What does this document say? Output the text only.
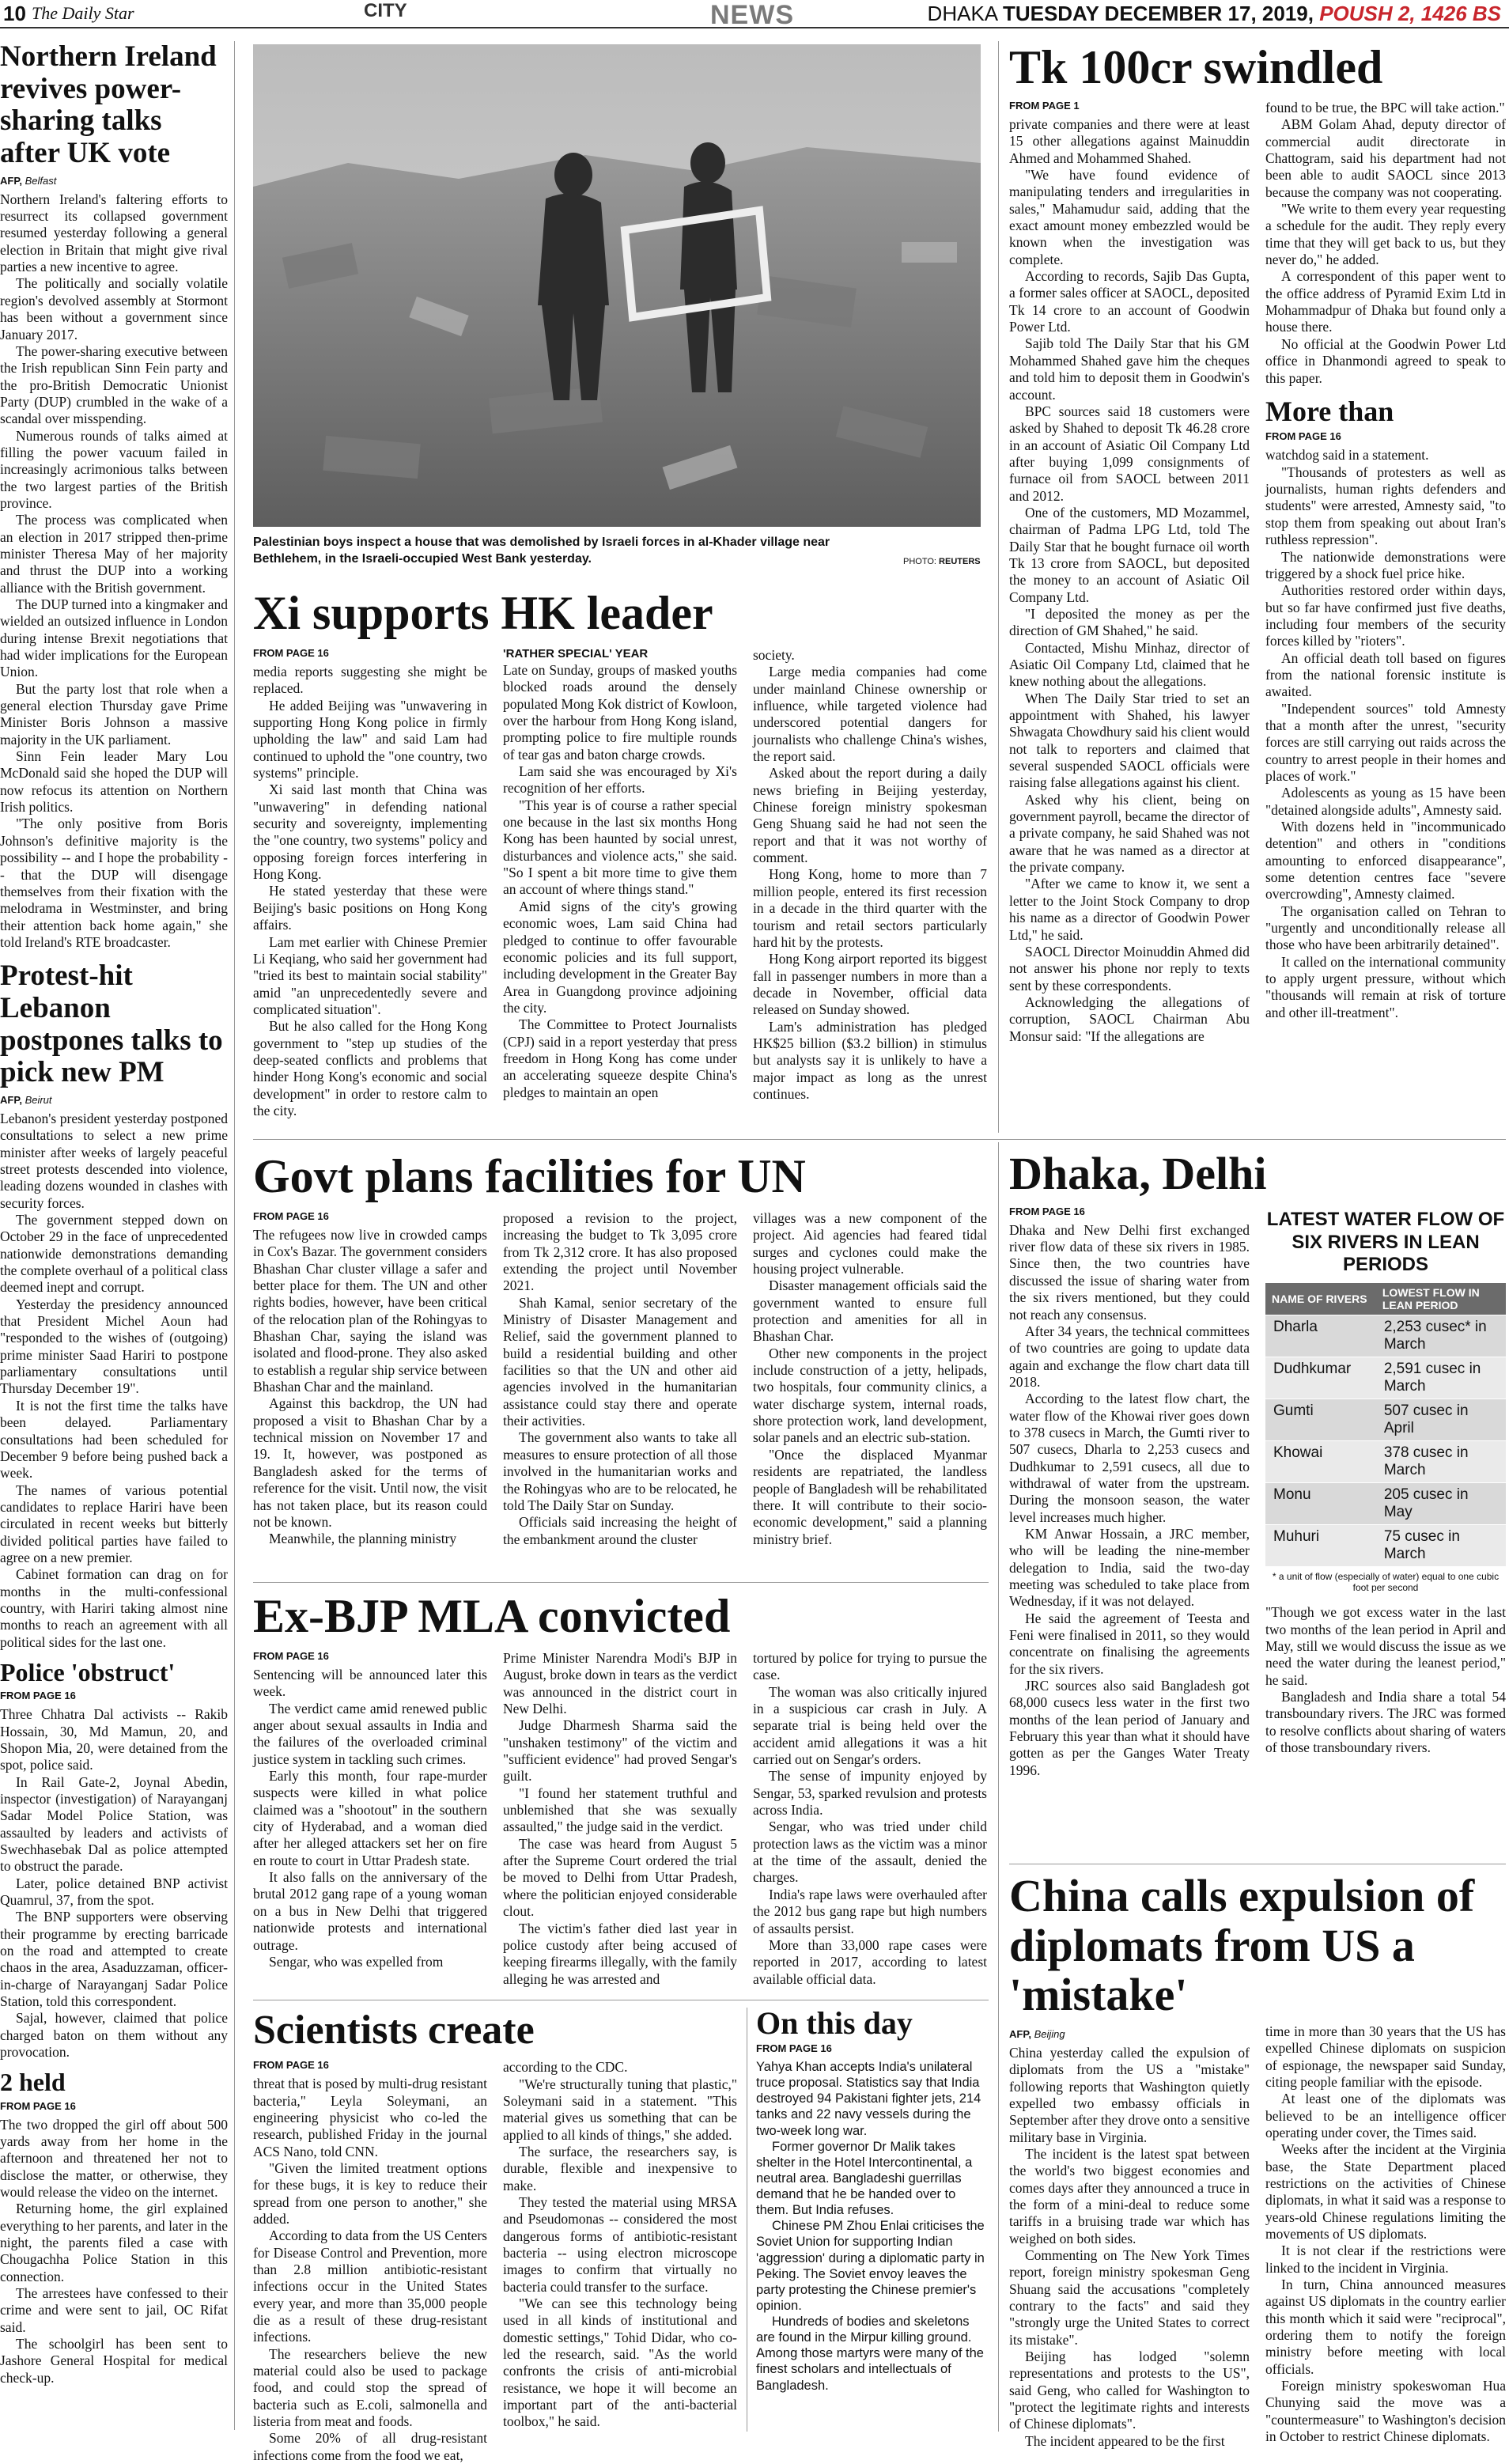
10 The Daily Star	CITY	NEWS	DHAKA TUESDAY DECEMBER 17, 2019, POUSH 2, 1426 BS
Northern Ireland revives power-sharing talks after UK vote
AFP, Belfast

Northern Ireland's faltering efforts to resurrect its collapsed government resumed yesterday following a general election in Britain that might give rival parties a new incentive to agree.

The politically and socially volatile region's devolved assembly at Stormont has been without a government since January 2017.

The power-sharing executive between the Irish republican Sinn Fein party and the pro-British Democratic Unionist Party (DUP) crumbled in the wake of a scandal over misspending.

Numerous rounds of talks aimed at filling the power vacuum failed in increasingly acrimonious talks between the two largest parties of the British province.

The process was complicated when an election in 2017 stripped then-prime minister Theresa May of her majority and thrust the DUP into a working alliance with the British government.

The DUP turned into a kingmaker and wielded an outsized influence in London during intense Brexit negotiations that had wider implications for the European Union.

But the party lost that role when a general election Thursday gave Prime Minister Boris Johnson a massive majority in the UK parliament.

Sinn Fein leader Mary Lou McDonald said she hoped the DUP will now refocus its attention on Northern Irish politics.

"The only positive from Boris Johnson's definitive majority is the possibility -- and I hope the probability -- that the DUP will disengage themselves from their fixation with the melodrama in Westminster, and bring their attention back home again," she told Ireland's RTE broadcaster.

Protest-hit Lebanon postpones talks to pick new PM
AFP, Beirut

Lebanon's president yesterday postponed consultations to select a new prime minister after weeks of largely peaceful street protests descended into violence, leading dozens wounded in clashes with security forces.

The government stepped down on October 29 in the face of unprecedented nationwide demonstrations demanding the complete overhaul of a political class deemed inept and corrupt.

Yesterday the presidency announced that President Michel Aoun had "responded to the wishes of (outgoing) prime minister Saad Hariri to postpone parliamentary consultations until Thursday December 19".

It is not the first time the talks have been delayed. Parliamentary consultations had been scheduled for December 9 before being pushed back a week.

The names of various potential candidates to replace Hariri have been circulated in recent weeks but bitterly divided political parties have failed to agree on a new premier.

Cabinet formation can drag on for months in the multi-confessional country, with Hariri taking almost nine months to reach an agreement with all political sides for the last one.

Police 'obstruct'
FROM PAGE 16

Three Chhatra Dal activists -- Rakib Hossain, 30, Md Mamun, 20, and Shopon Mia, 20, were detained from the spot, police said.

In Rail Gate-2, Joynal Abedin, inspector (investigation) of Narayanganj Sadar Model Police Station, was assaulted by leaders and activists of Swechhasebak Dal as police attempted to obstruct the parade.

Later, police detained BNP activist Quamrul, 37, from the spot.

The BNP supporters were observing their programme by erecting barricade on the road and attempted to create chaos in the area, Asaduzzaman, officer-in-charge of Narayanganj Sadar Police Station, told this correspondent.

Sajal, however, claimed that police charged baton on them without any provocation.

2 held
FROM PAGE 16

The two dropped the girl off about 500 yards away from her home in the afternoon and threatened her not to disclose the matter, or otherwise, they would release the video on the internet.

Returning home, the girl explained everything to her parents, and later in the night, the parents filed a case with Chougachha Police Station in this connection.

The arrestees have confessed to their crime and were sent to jail, OC Rifat said.

The schoolgirl has been sent to Jashore General Hospital for medical check-up.

Palestinian boys inspect a house that was demolished by Israeli forces in al-Khader village near Bethlehem, in the Israeli-occupied West Bank yesterday.	PHOTO: REUTERS
Xi supports HK leader
FROM PAGE 16

media reports suggesting she might be replaced.

He added Beijing was "unwavering in supporting Hong Kong police in firmly upholding the law" and said Lam had continued to uphold the "one country, two systems" principle.

Xi said last month that China was "unwavering" in defending national security and sovereignty, implementing the "one country, two systems" policy and opposing foreign forces interfering in Hong Kong.

He stated yesterday that these were Beijing's basic positions on Hong Kong affairs.

Lam met earlier with Chinese Premier Li Keqiang, who said her government had "tried its best to maintain social stability" amid "an unprecedentedly severe and complicated situation".

But he also called for the Hong Kong government to "step up studies of the deep-seated conflicts and problems that hinder Hong Kong's economic and social development" in order to restore calm to the city.

'RATHER SPECIAL' YEAR

Late on Sunday, groups of masked youths blocked roads around the densely populated Mong Kok district of Kowloon, over the harbour from Hong Kong island, prompting police to fire multiple rounds of tear gas and baton charge crowds.

Lam said she was encouraged by Xi's recognition of her efforts.

"This year is of course a rather special one because in the last six months Hong Kong has been haunted by social unrest, disturbances and violence acts," she said. "So I spent a bit more time to give them an account of where things stand."

Amid signs of the city's growing economic woes, Lam said China had pledged to continue to offer favourable economic policies and its full support, including development in the Greater Bay Area in Guangdong province adjoining the city.

The Committee to Protect Journalists (CPJ) said in a report yesterday that press freedom in Hong Kong has come under an accelerating squeeze despite China's pledges to maintain an open

society.

Large media companies had come under mainland Chinese ownership or influence, while targeted violence had underscored potential dangers for journalists who challenge China's wishes, the report said.

Asked about the report during a daily news briefing in Beijing yesterday, Chinese foreign ministry spokesman Geng Shuang said he had not seen the report and that it was not worthy of comment.

Hong Kong, home to more than 7 million people, entered its first recession in a decade in the third quarter with the tourism and retail sectors particularly hard hit by the protests.

Hong Kong airport reported its biggest fall in passenger numbers in more than a decade in November, official data released on Sunday showed.

Lam's administration has pledged HK$25 billion ($3.2 billion) in stimulus but analysts say it is unlikely to have a major impact as long as the unrest continues.

Tk 100cr swindled
FROM PAGE 1

private companies and there were at least 15 other allegations against Mainuddin Ahmed and Mohammed Shahed.

"We have found evidence of manipulating tenders and irregularities in sales," Mahamudur said, adding that the exact amount money embezzled would be known when the investigation was complete.

According to records, Sajib Das Gupta, a former sales officer at SAOCL, deposited Tk 14 crore to an account of Goodwin Power Ltd.

Sajib told The Daily Star that his GM Mohammed Shahed gave him the cheques and told him to deposit them in Goodwin's account.

BPC sources said 18 customers were asked by Shahed to deposit Tk 46.28 crore in an account of Asiatic Oil Company Ltd after buying 1,099 consignments of furnace oil from SAOCL between 2011 and 2012.

One of the customers, MD Mozammel, chairman of Padma LPG Ltd, told The Daily Star that he bought furnace oil worth Tk 13 crore from SAOCL, but deposited the money to an account of Asiatic Oil Company Ltd.

"I deposited the money as per the direction of GM Shahed," he said.

Contacted, Mishu Minhaz, director of Asiatic Oil Company Ltd, claimed that he knew nothing about the allegations.

When The Daily Star tried to set an appointment with Shahed, his lawyer Shwagata Chowdhury said his client would not talk to reporters and claimed that several suspended SAOCL officials were raising false allegations against his client.

Asked why his client, being on government payroll, became the director of a private company, he said Shahed was not aware that he was named as a director at the private company.

"After we came to know it, we sent a letter to the Joint Stock Company to drop his name as a director of Goodwin Power Ltd," he said.

SAOCL Director Moinuddin Ahmed did not answer his phone nor reply to texts sent by these correspondents.

Acknowledging the allegations of corruption, SAOCL Chairman Abu Monsur said: "If the allegations are

found to be true, the BPC will take action."

ABM Golam Ahad, deputy director of commercial audit directorate in Chattogram, said his department had not been able to audit SAOCL since 2013 because the company was not cooperating.

"We write to them every year requesting a schedule for the audit. They reply every time that they will get back to us, but they never do," he added.

A correspondent of this paper went to the office address of Pyramid Exim Ltd in Mohammadpur of Dhaka but found only a house there.

No official at the Goodwin Power Ltd office in Dhanmondi agreed to speak to this paper.

More than
FROM PAGE 16

watchdog said in a statement.

"Thousands of protesters as well as journalists, human rights defenders and students" were arrested, Amnesty said, "to stop them from speaking out about Iran's ruthless repression".

The nationwide demonstrations were triggered by a shock fuel price hike.

Authorities restored order within days, but so far have confirmed just five deaths, including four members of the security forces killed by "rioters".

An official death toll based on figures from the national forensic institute is awaited.

"Independent sources" told Amnesty that a month after the unrest, "security forces are still carrying out raids across the country to arrest people in their homes and places of work."

Adolescents as young as 15 have been "detained alongside adults", Amnesty said.

With dozens held in "incommunicado detention" and others in "conditions amounting to enforced disappearance", some detention centres face "severe overcrowding", Amnesty claimed.

The organisation called on Tehran to "urgently and unconditionally release all those who have been arbitrarily detained".

It called on the international community to apply urgent pressure, without which "thousands will remain at risk of torture and other ill-treatment".

Govt plans facilities for UN
FROM PAGE 16

The refugees now live in crowded camps in Cox's Bazar. The government considers Bhashan Char cluster village a safer and better place for them. The UN and other rights bodies, however, have been critical of the relocation plan of the Rohingyas to Bhashan Char, saying the island was isolated and flood-prone. They also asked to establish a regular ship service between Bhashan Char and the mainland.

Against this backdrop, the UN had proposed a visit to Bhashan Char by a technical mission on November 17 and 19. It, however, was postponed as Bangladesh asked for the terms of reference for the visit. Until now, the visit has not taken place, but its reason could not be known.

Meanwhile, the planning ministry

proposed a revision to the project, increasing the budget to Tk 3,095 crore from Tk 2,312 crore. It has also proposed extending the project until November 2021.

Shah Kamal, senior secretary of the Ministry of Disaster Management and Relief, said the government planned to build a residential building and other facilities so that the UN and other aid agencies involved in the humanitarian assistance could stay there and operate their activities.

The government also wants to take all measures to ensure protection of all those involved in the humanitarian works and the Rohingyas who are to be relocated, he told The Daily Star on Sunday.

Officials said increasing the height of the embankment around the cluster

villages was a new component of the project. Aid agencies had feared tidal surges and cyclones could make the housing project vulnerable.

Disaster management officials said the government wanted to ensure full protection and amenities for all in Bhashan Char.

Other new components in the project include construction of a jetty, helipads, two hospitals, four community clinics, a water discharge system, internal roads, shore protection work, land development, solar panels and an electric sub-station.

"Once the displaced Myanmar residents are repatriated, the landless people of Bangladesh will be rehabilitated there. It will contribute to their socio-economic development," said a planning ministry brief.

Ex-BJP MLA convicted
FROM PAGE 16

Sentencing will be announced later this week.

The verdict came amid renewed public anger about sexual assaults in India and the failures of the overloaded criminal justice system in tackling such crimes.

Early this month, four rape-murder suspects were killed in what police claimed was a "shootout" in the southern city of Hyderabad, and a woman died after her alleged attackers set her on fire en route to court in Uttar Pradesh state.

It also falls on the anniversary of the brutal 2012 gang rape of a young woman on a bus in New Delhi that triggered nationwide protests and international outrage.

Sengar, who was expelled from

Prime Minister Narendra Modi's BJP in August, broke down in tears as the verdict was announced in the district court in New Delhi.

Judge Dharmesh Sharma said the "unshaken testimony" of the victim and "sufficient evidence" had proved Sengar's guilt.

"I found her statement truthful and unblemished that she was sexually assaulted," the judge said in the verdict.

The case was heard from August 5 after the Supreme Court ordered the trial be moved to Delhi from Uttar Pradesh, where the politician enjoyed considerable clout.

The victim's father died last year in police custody after being accused of keeping firearms illegally, with the family alleging he was arrested and

tortured by police for trying to pursue the case.

The woman was also critically injured in a suspicious car crash in July. A separate trial is being held over the accident amid allegations it was a hit carried out on Sengar's orders.

The sense of impunity enjoyed by Sengar, 53, sparked revulsion and protests across India.

Sengar, who was tried under child protection laws as the victim was a minor at the time of the assault, denied the charges.

India's rape laws were overhauled after the 2012 bus gang rape but high numbers of assaults persist.

More than 33,000 rape cases were reported in 2017, according to latest available official data.

Scientists create
FROM PAGE 16

threat that is posed by multi-drug resistant bacteria," Leyla Soleymani, an engineering physicist who co-led the research, published Friday in the journal ACS Nano, told CNN.

"Given the limited treatment options for these bugs, it is key to reduce their spread from one person to another," she added.

According to data from the US Centers for Disease Control and Prevention, more than 2.8 million antibiotic-resistant infections occur in the United States every year, and more than 35,000 people die as a result of these drug-resistant infections.

The researchers believe the new material could also be used to package food, and could stop the spread of bacteria such as E.coli, salmonella and listeria from meat and foods.

Some 20% of all drug-resistant infections come from the food we eat,

according to the CDC.

"We're structurally tuning that plastic," Soleymani said in a statement. "This material gives us something that can be applied to all kinds of things," she added.

The surface, the researchers say, is durable, flexible and inexpensive to make.

They tested the material using MRSA and Pseudomonas -- considered the most dangerous forms of antibiotic-resistant bacteria -- using electron microscope images to confirm that virtually no bacteria could transfer to the surface.

"We can see this technology being used in all kinds of institutional and domestic settings," Tohid Didar, who co-led the research, said. "As the world confronts the crisis of anti-microbial resistance, we hope it will become an important part of the anti-bacterial toolbox," he said.

On this day
FROM PAGE 16

Yahya Khan accepts India's unilateral truce proposal. Statistics say that India destroyed 94 Pakistani fighter jets, 214 tanks and 22 navy vessels during the two-week long war.

Former governor Dr Malik takes shelter in the Hotel Intercontinental, a neutral area. Bangladeshi guerrillas demand that he be handed over to them. But India refuses.

Chinese PM Zhou Enlai criticises the Soviet Union for supporting Indian 'aggression' during a diplomatic party in Peking. The Soviet envoy leaves the party protesting the Chinese premier's opinion.

Hundreds of bodies and skeletons are found in the Mirpur killing ground. Among those martyrs were many of the finest scholars and intellectuals of Bangladesh.

Dhaka, Delhi
FROM PAGE 16

Dhaka and New Delhi first exchanged river flow data of these six rivers in 1985. Since then, the two countries have discussed the issue of sharing water from the six rivers mentioned, but they could not reach any consensus.

After 34 years, the technical committees of two countries are going to update data again and exchange the flow chart data till 2018.

According to the latest flow chart, the water flow of the Khowai river goes down to 378 cusecs in March, the Gumti river to 507 cusecs, Dharla to 2,253 cusecs and Dudhkumar to 2,591 cusecs, all due to withdrawal of water from the upstream. During the monsoon season, the water level increases much higher.

KM Anwar Hossain, a JRC member, who will be leading the nine-member delegation to India, said the two-day meeting was scheduled to take place from Wednesday, if it was not delayed.

He said the agreement of Teesta and Feni were finalised in 2011, so they would concentrate on finalising the agreements for the six rivers.

JRC sources also said Bangladesh got 68,000 cusecs less water in the first two months of the lean period of January and February this year than what it should have gotten as per the Ganges Water Treaty 1996.

LATEST WATER FLOW OF SIX RIVERS IN LEAN PERIODS
NAME OF RIVERS	LOWEST FLOW IN LEAN PERIOD
Dharla	2,253 cusec* in March
Dudhkumar	2,591 cusec in March
Gumti	507 cusec in April
Khowai	378 cusec in March
Monu	205 cusec in May
Muhuri	75 cusec in March
* a unit of flow (especially of water) equal to one cubic foot per second

"Though we got excess water in the last two months of the lean period in April and May, still we would discuss the issue as we need the water during the leanest period," he said.

Bangladesh and India share a total 54 transboundary rivers. The JRC was formed to resolve conflicts about sharing of waters of those transboundary rivers.

China calls expulsion of diplomats from US a 'mistake'
AFP, Beijing

China yesterday called the expulsion of diplomats from the US a "mistake" following reports that Washington quietly expelled two embassy officials in September after they drove onto a sensitive military base in Virginia.

The incident is the latest spat between the world's two biggest economies and comes days after they announced a truce in the form of a mini-deal to reduce some tariffs in a bruising trade war which has weighed on both sides.

Commenting on The New York Times report, foreign ministry spokesman Geng Shuang said the accusations "completely contrary to the facts" and said they "strongly urge the United States to correct its mistake".

Beijing has lodged "solemn representations and protests to the US", said Geng, who called for Washington to "protect the legitimate rights and interests of Chinese diplomats".

The incident appeared to be the first

time in more than 30 years that the US has expelled Chinese diplomats on suspicion of espionage, the newspaper said Sunday, citing people familiar with the episode.

At least one of the diplomats was believed to be an intelligence officer operating under cover, the Times said.

Weeks after the incident at the Virginia base, the State Department placed restrictions on the activities of Chinese diplomats, in what it said was a response to years-old Chinese regulations limiting the movements of US diplomats.

It is not clear if the restrictions were linked to the incident in Virginia.

In turn, China announced measures against US diplomats in the country earlier this month which it said were "reciprocal", ordering them to notify the foreign ministry before meeting with local officials.

Foreign ministry spokeswoman Hua Chunying said the move was a "countermeasure" to Washington's decision in October to restrict Chinese diplomats.
